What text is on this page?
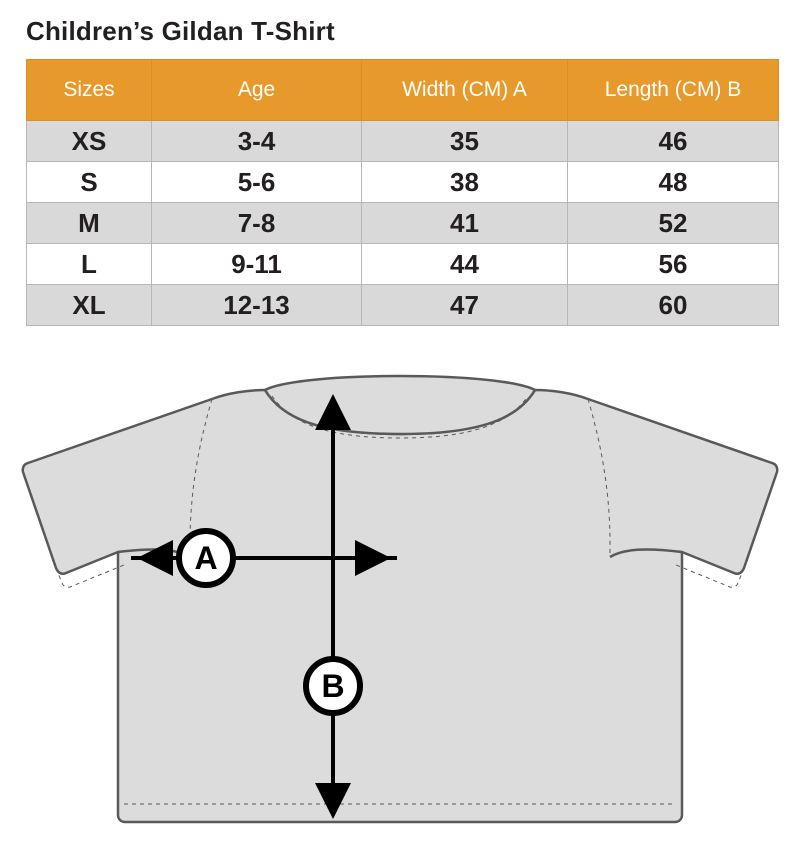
Children’s Gildan T-Shirt
Sizes	Age	Width (CM) A	Length (CM) B
XS	3-4	35	46
S	5-6	38	48
M	7-8	41	52
L	9-11	44	56
XL	12-13	47	60
A
B
